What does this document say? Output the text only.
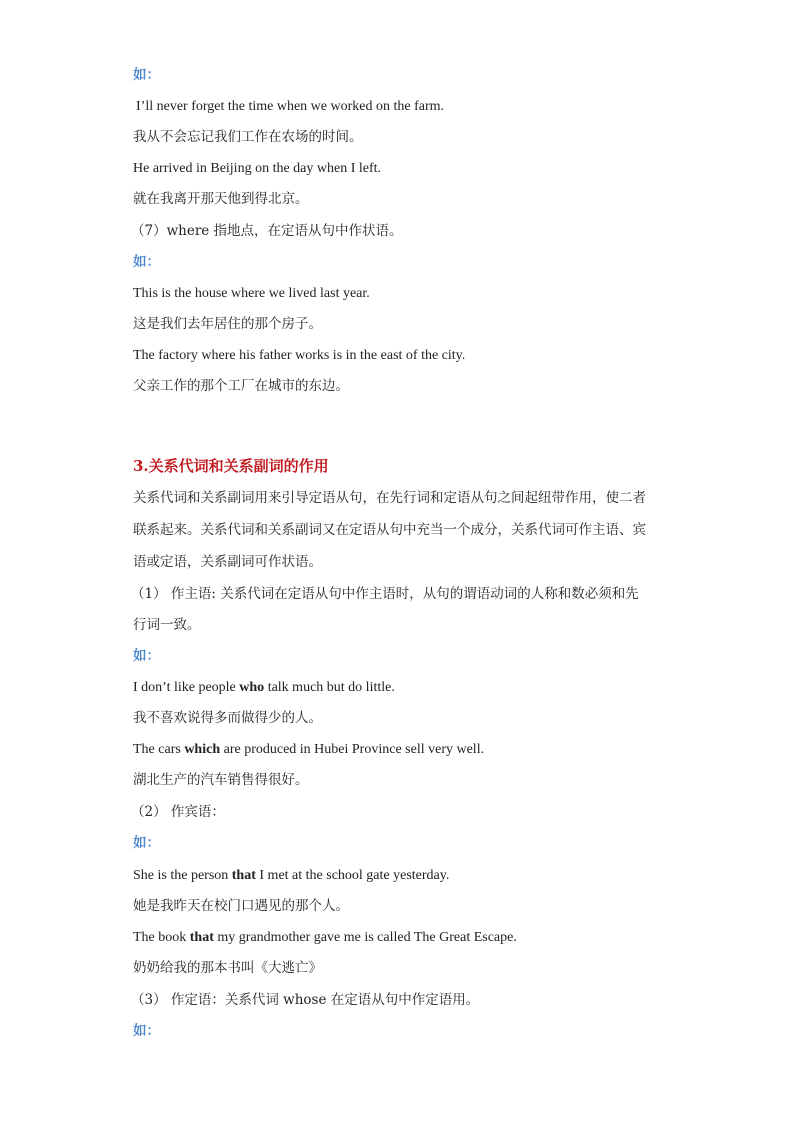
如：
I’ll never forget the time when we worked on the farm.
我从不会忘记我们工作在农场的时间。
He arrived in Beijing on the day when I left.
就在我离开那天他到得北京。
（7）where 指地点，在定语从句中作状语。
如：
This is the house where we lived last year.
这是我们去年居住的那个房子。
The factory where his father works is in the east of the city.
父亲工作的那个工厂在城市的东边。
3.关系代词和关系副词的作用
关系代词和关系副词用来引导定语从句，在先行词和定语从句之间起纽带作用，使二者
联系起来。关系代词和关系副词又在定语从句中充当一个成分，关系代词可作主语、宾
语或定语，关系副词可作状语。
（1） 作主语: 关系代词在定语从句中作主语时，从句的谓语动词的人称和数必须和先
行词一致。
如：
I don’t like people who talk much but do little.
我不喜欢说得多而做得少的人。
The cars which are produced in Hubei Province sell very well.
湖北生产的汽车销售得很好。
（2） 作宾语：
如：
She is the person that I met at the school gate yesterday.
她是我昨天在校门口遇见的那个人。
The book that my grandmother gave me is called The Great Escape.
奶奶给我的那本书叫《大逃亡》
（3） 作定语：关系代词 whose 在定语从句中作定语用。
如：
